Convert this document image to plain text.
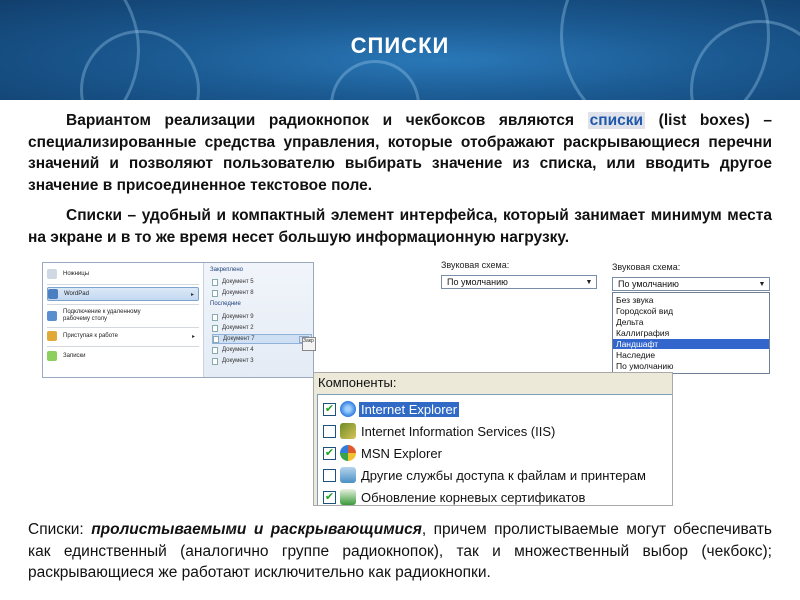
СПИСКИ
Вариантом реализации радиокнопок и чекбоксов являются списки (list boxes) – специализированные средства управления, которые отображают раскрывающиеся перечни значений и позволяют пользователю выбирать значение из списка, или вводить другое значение в присоединенное текстовое поле.
Списки – удобный и компактный элемент интерфейса, который занимает минимум места на экране и в то же время несет большую информационную нагрузку.
Ножницы
WordPad	▸
Подключение к удаленному рабочему столу
Приступая к работе	▸
Записки
Закреплено
Документ 5
Документ 8
Последние
Документ 9
Документ 2
Документ 7
Документ 4
Документ 3
Закр
Звуковая схема:
По умолчанию	▼
Звуковая схема:
По умолчанию	▼
Без звука
Городской вид
Дельта
Каллиграфия
Ландшафт
Наследие
По умолчанию
Компоненты:
✔ Internet Explorer
Internet Information Services (IIS)
✔ MSN Explorer
Другие службы доступа к файлам и принтерам
✔ Обновление корневых сертификатов
Списки: пролистываемыми и раскрывающимися, причем пролистываемые могут обеспечивать как единственный (аналогично группе радиокнопок), так и множественный выбор (чекбокс); раскрывающиеся же работают исключительно как радиокнопки.
